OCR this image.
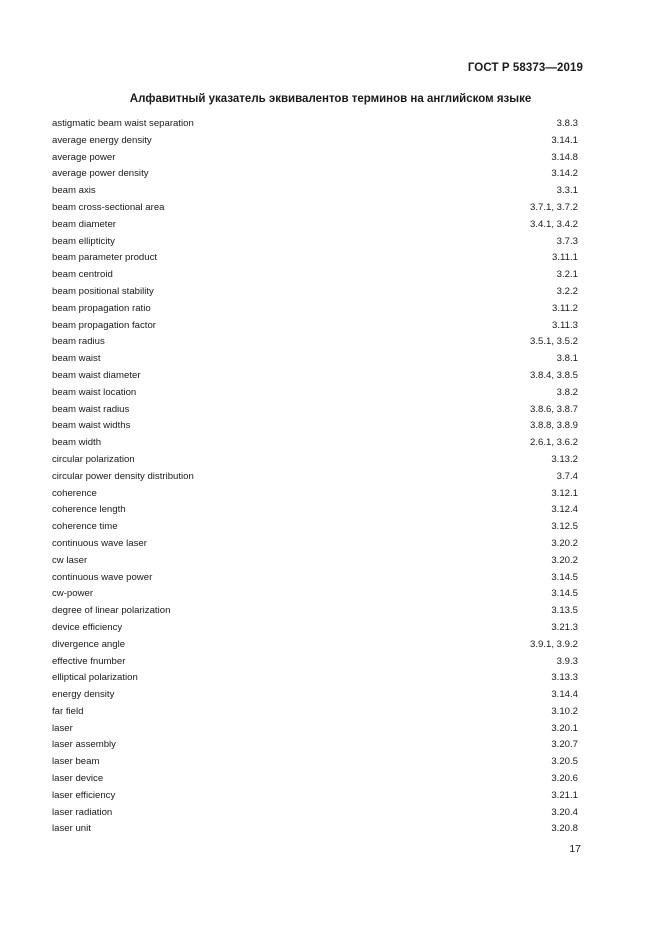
ГОСТ Р 58373—2019
Алфавитный указатель эквивалентов терминов на английском языке
astigmatic beam waist separation	3.8.3
average energy density	3.14.1
average power	3.14.8
average power density	3.14.2
beam axis	3.3.1
beam cross-sectional area	3.7.1, 3.7.2
beam diameter	3.4.1, 3.4.2
beam ellipticity	3.7.3
beam parameter product	3.11.1
beam centroid	3.2.1
beam positional stability	3.2.2
beam propagation ratio	3.11.2
beam propagation factor	3.11.3
beam radius	3.5.1, 3.5.2
beam waist	3.8.1
beam waist diameter	3.8.4, 3.8.5
beam waist location	3.8.2
beam waist radius	3.8.6, 3.8.7
beam waist widths	3.8.8, 3.8.9
beam width	2.6.1, 3.6.2
circular polarization	3.13.2
circular power density distribution	3.7.4
coherence	3.12.1
coherence length	3.12.4
coherence time	3.12.5
continuous wave laser	3.20.2
cw laser	3.20.2
continuous wave power	3.14.5
cw-power	3.14.5
degree of linear polarization	3.13.5
device efficiency	3.21.3
divergence angle	3.9.1, 3.9.2
effective fnumber	3.9.3
elliptical polarization	3.13.3
energy density	3.14.4
far field	3.10.2
laser	3.20.1
laser assembly	3.20.7
laser beam	3.20.5
laser device	3.20.6
laser efficiency	3.21.1
laser radiation	3.20.4
laser unit	3.20.8
17
